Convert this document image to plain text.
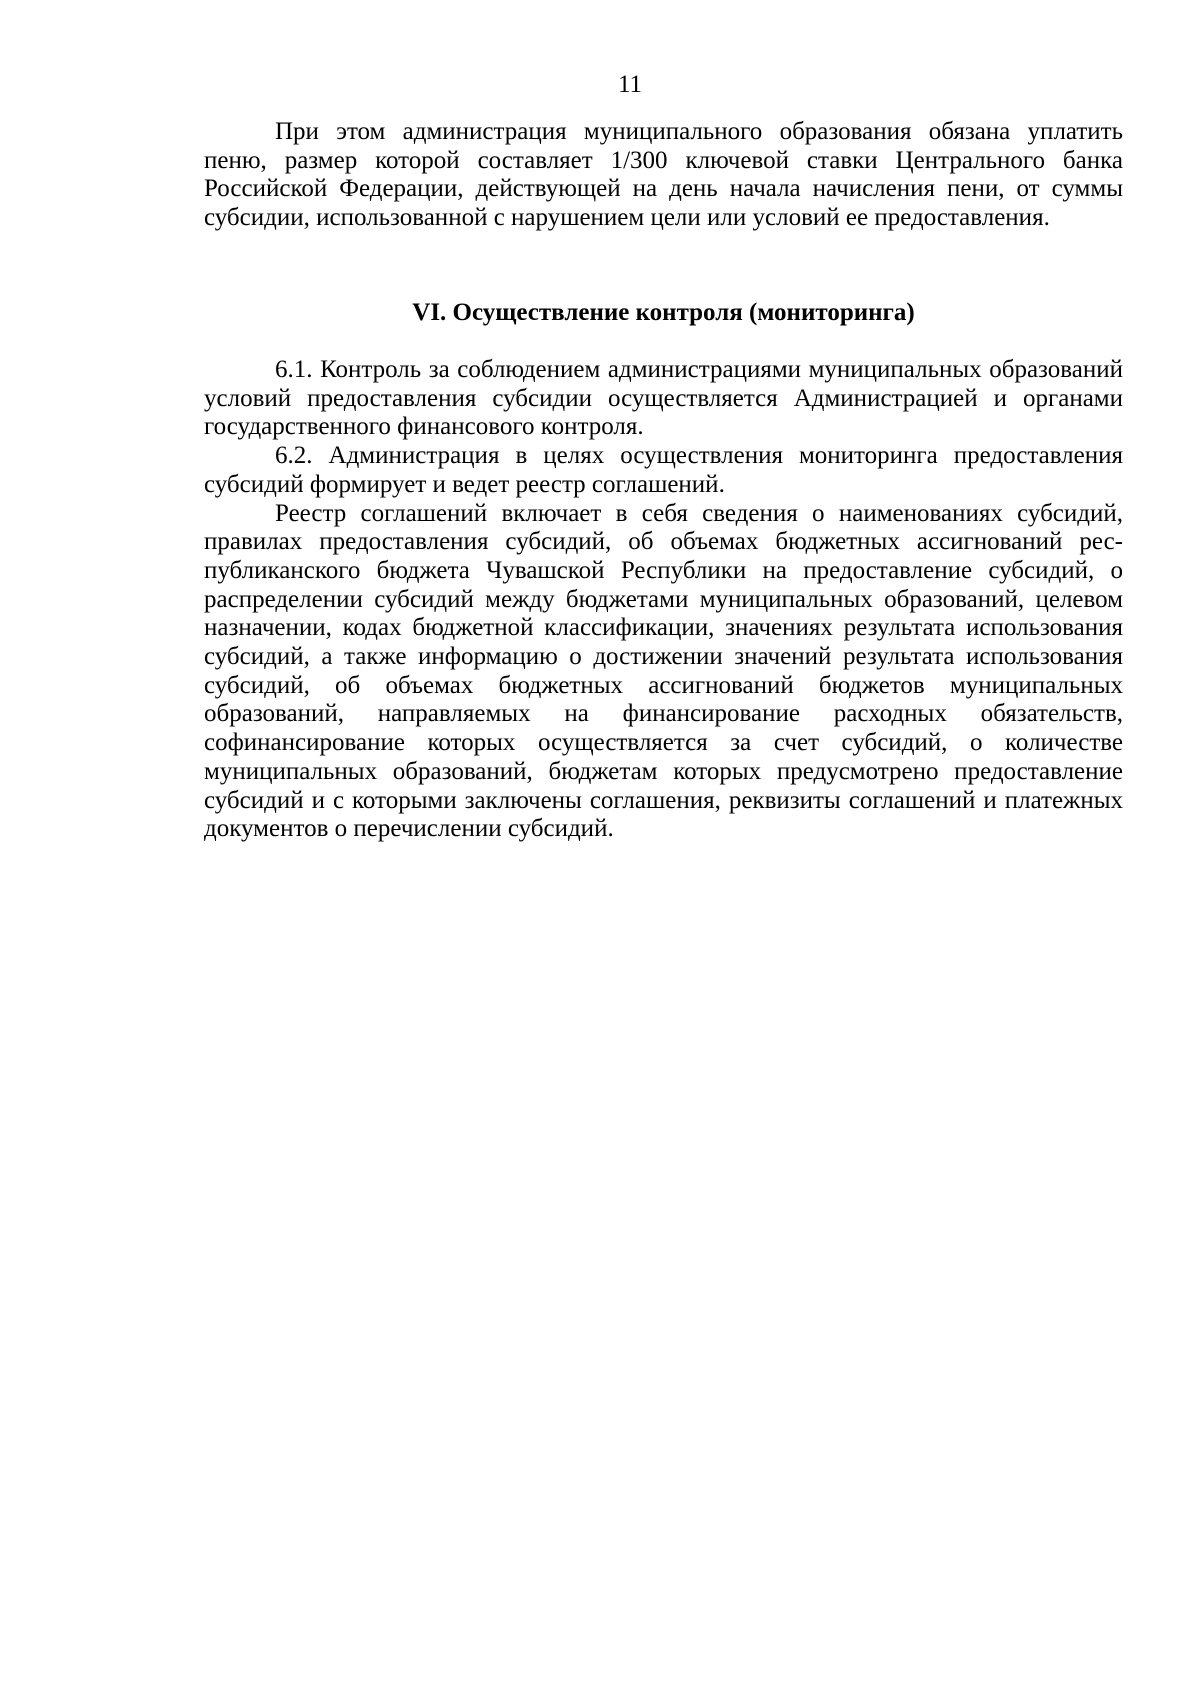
11

При этом администрация муниципального образования обязана уплатить пеню, размер которой составляет 1/300 ключевой ставки Центрального банка Российской Федерации, действующей на день начала начисления пени, от суммы субсидии, использованной с нарушением цели или условий ее предоставления.

VI. Осуществление контроля (мониторинга)

6.1. Контроль за соблюдением администрациями муниципальных образований условий предоставления субсидии осуществляется Администрацией и органами государственного финансового контроля.

6.2. Администрация в целях осуществления мониторинга предоставления субсидий формирует и ведет реестр соглашений.

Реестр соглашений включает в себя сведения о наименованиях субсидий, правилах предоставления субсидий, об объемах бюджетных ассигнований республиканского бюджета Чувашской Республики на предоставление субсидий, о распределении субсидий между бюджетами муниципальных образований, целевом назначении, кодах бюджетной классификации, значениях результата использования субсидий, а также информацию о достижении значений результата использования субсидий, об объемах бюджетных ассигнований бюджетов муниципальных образований, направляемых на финансирование расходных обязательств, софинансирование которых осуществляется за счет субсидий, о количестве муниципальных образований, бюджетам которых предусмотрено предоставление субсидий и с которыми заключены соглашения, реквизиты соглашений и платежных документов о перечислении субсидий.
